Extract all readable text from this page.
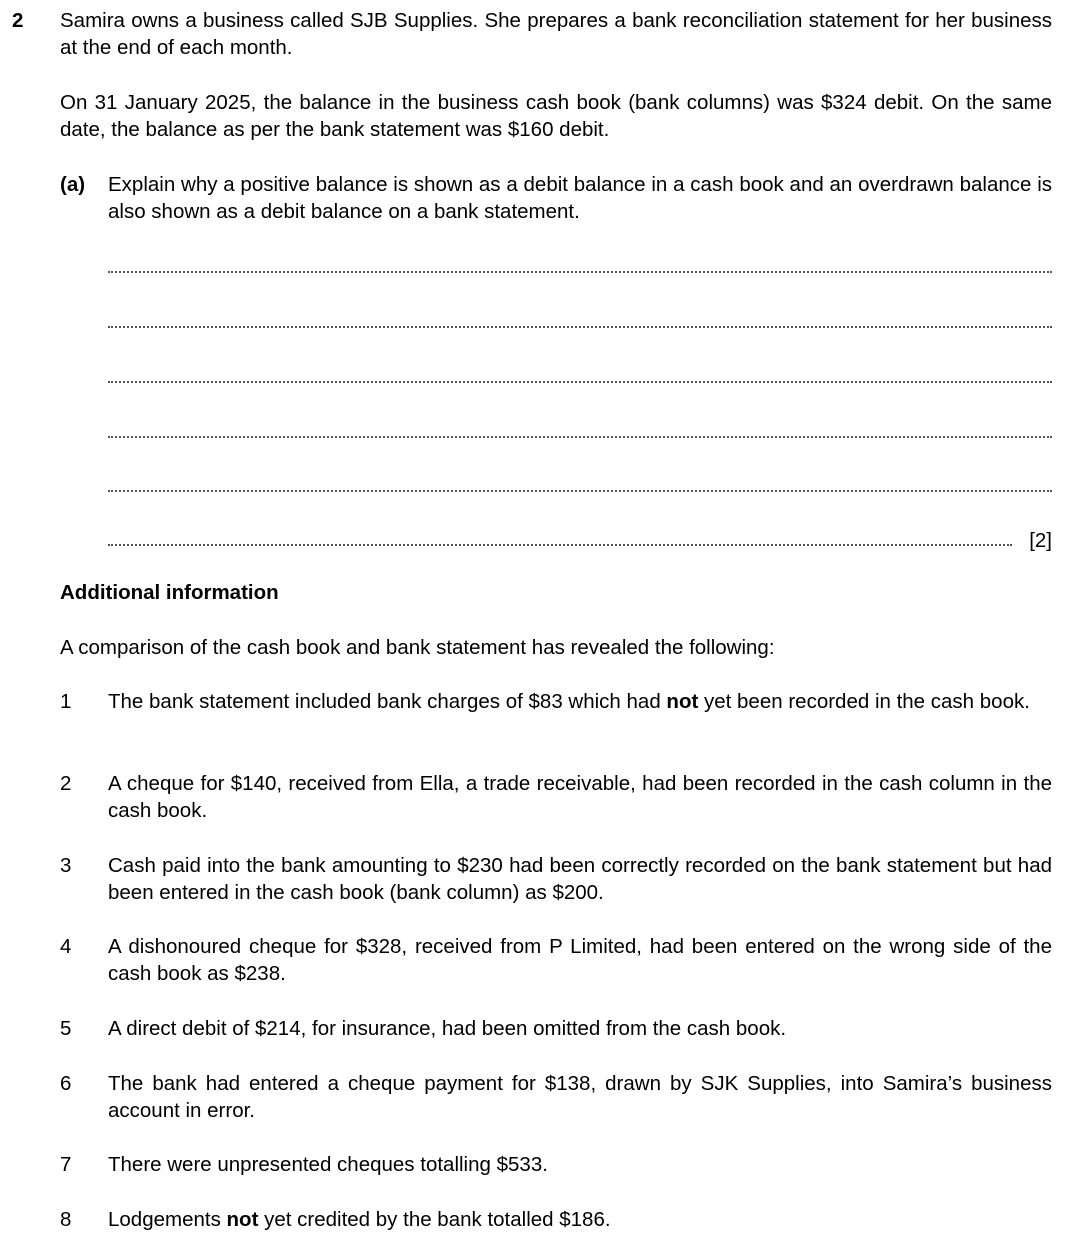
2 Samira owns a business called SJB Supplies. She prepares a bank reconciliation statement for her business at the end of each month.

On 31 January 2025, the balance in the business cash book (bank columns) was $324 debit. On the same date, the balance as per the bank statement was $160 debit.

(a) Explain why a positive balance is shown as a debit balance in a cash book and an overdrawn balance is also shown as a debit balance on a bank statement.
[2]
Additional information
A comparison of the cash book and bank statement has revealed the following:
1 The bank statement included bank charges of $83 which had not yet been recorded in the cash book.
2 A cheque for $140, received from Ella, a trade receivable, had been recorded in the cash column in the cash book.
3 Cash paid into the bank amounting to $230 had been correctly recorded on the bank statement but had been entered in the cash book (bank column) as $200.
4 A dishonoured cheque for $328, received from P Limited, had been entered on the wrong side of the cash book as $238.
5 A direct debit of $214, for insurance, had been omitted from the cash book.
6 The bank had entered a cheque payment for $138, drawn by SJK Supplies, into Samira’s business account in error.
7 There were unpresented cheques totalling $533.
8 Lodgements not yet credited by the bank totalled $186.
